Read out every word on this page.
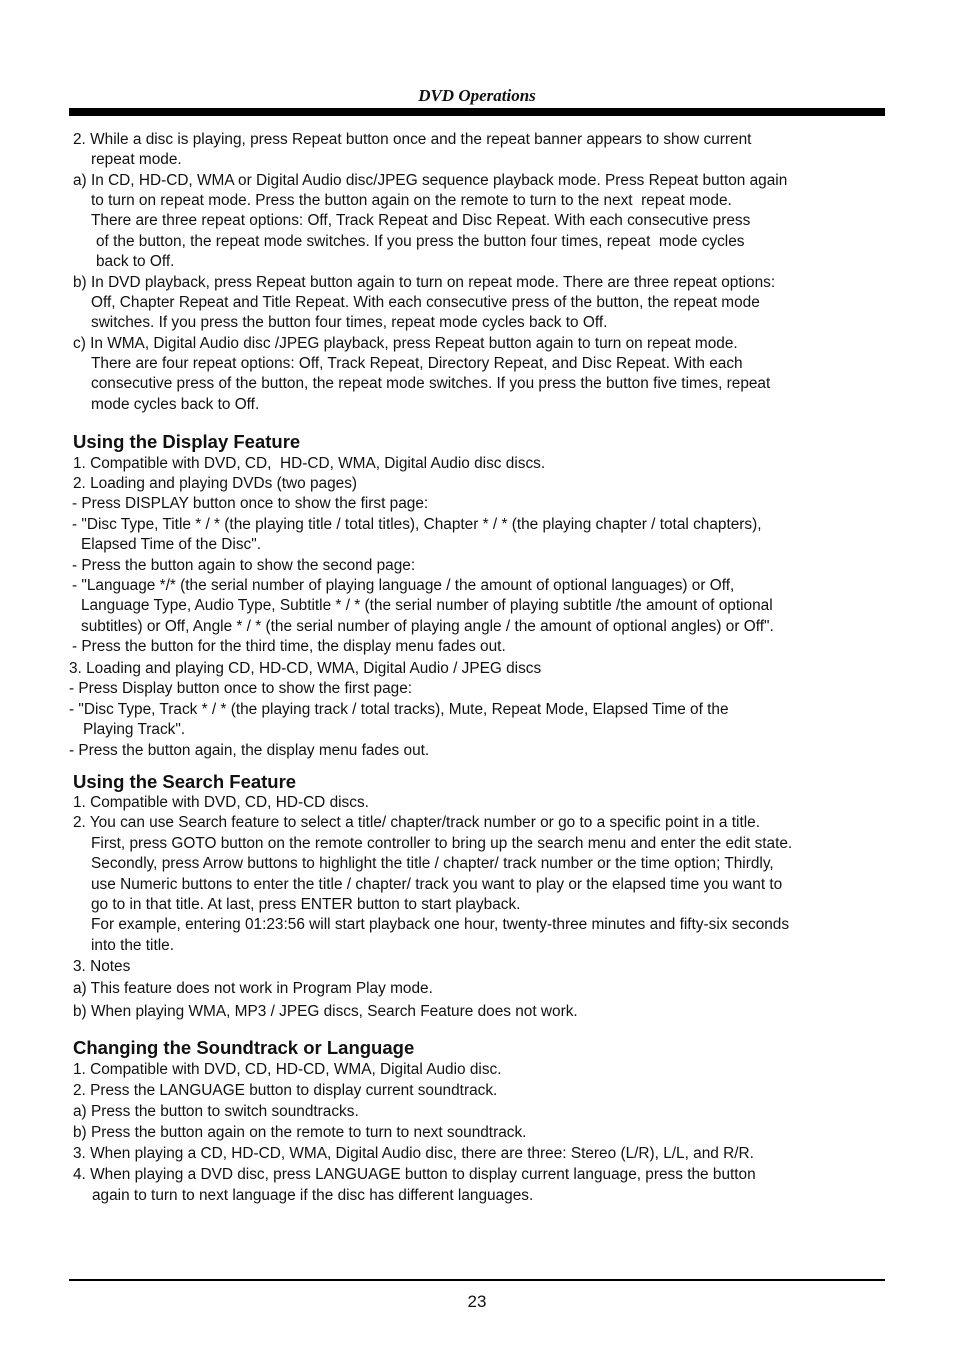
DVD Operations
2. While a disc is playing, press Repeat button once and the repeat banner appears to show current
repeat mode.
a) In CD, HD-CD, WMA or Digital Audio disc/JPEG sequence playback mode. Press Repeat button again
to turn on repeat mode. Press the button again on the remote to turn to the next  repeat mode.
There are three repeat options: Off, Track Repeat and Disc Repeat. With each consecutive press
of the button, the repeat mode switches. If you press the button four times, repeat  mode cycles
back to Off.
b) In DVD playback, press Repeat button again to turn on repeat mode. There are three repeat options:
Off, Chapter Repeat and Title Repeat. With each consecutive press of the button, the repeat mode
switches. If you press the button four times, repeat mode cycles back to Off.
c) In WMA, Digital Audio disc /JPEG playback, press Repeat button again to turn on repeat mode.
There are four repeat options: Off, Track Repeat, Directory Repeat, and Disc Repeat. With each
consecutive press of the button, the repeat mode switches. If you press the button five times, repeat
mode cycles back to Off.
Using the Display Feature
1. Compatible with DVD, CD,  HD-CD, WMA, Digital Audio disc discs.
2. Loading and playing DVDs (two pages)
- Press DISPLAY button once to show the first page:
- "Disc Type, Title * / * (the playing title / total titles), Chapter * / * (the playing chapter / total chapters),
Elapsed Time of the Disc".
- Press the button again to show the second page:
- "Language */* (the serial number of playing language / the amount of optional languages) or Off,
Language Type, Audio Type, Subtitle * / * (the serial number of playing subtitle /the amount of optional
subtitles) or Off, Angle * / * (the serial number of playing angle / the amount of optional angles) or Off".
- Press the button for the third time, the display menu fades out.
3. Loading and playing CD, HD-CD, WMA, Digital Audio / JPEG discs
- Press Display button once to show the first page:
- "Disc Type, Track * / * (the playing track / total tracks), Mute, Repeat Mode, Elapsed Time of the
Playing Track".
- Press the button again, the display menu fades out.
Using the Search Feature
1. Compatible with DVD, CD, HD-CD discs.
2. You can use Search feature to select a title/ chapter/track number or go to a specific point in a title.
First, press GOTO button on the remote controller to bring up the search menu and enter the edit state.
Secondly, press Arrow buttons to highlight the title / chapter/ track number or the time option; Thirdly,
use Numeric buttons to enter the title / chapter/ track you want to play or the elapsed time you want to
go to in that title. At last, press ENTER button to start playback.
For example, entering 01:23:56 will start playback one hour, twenty-three minutes and fifty-six seconds
into the title.
3. Notes
a) This feature does not work in Program Play mode.
b) When playing WMA, MP3 / JPEG discs, Search Feature does not work.
Changing the Soundtrack or Language
1. Compatible with DVD, CD, HD-CD, WMA, Digital Audio disc.
2. Press the LANGUAGE button to display current soundtrack.
a) Press the button to switch soundtracks.
b) Press the button again on the remote to turn to next soundtrack.
3. When playing a CD, HD-CD, WMA, Digital Audio disc, there are three: Stereo (L/R), L/L, and R/R.
4. When playing a DVD disc, press LANGUAGE button to display current language, press the button
again to turn to next language if the disc has different languages.
23
